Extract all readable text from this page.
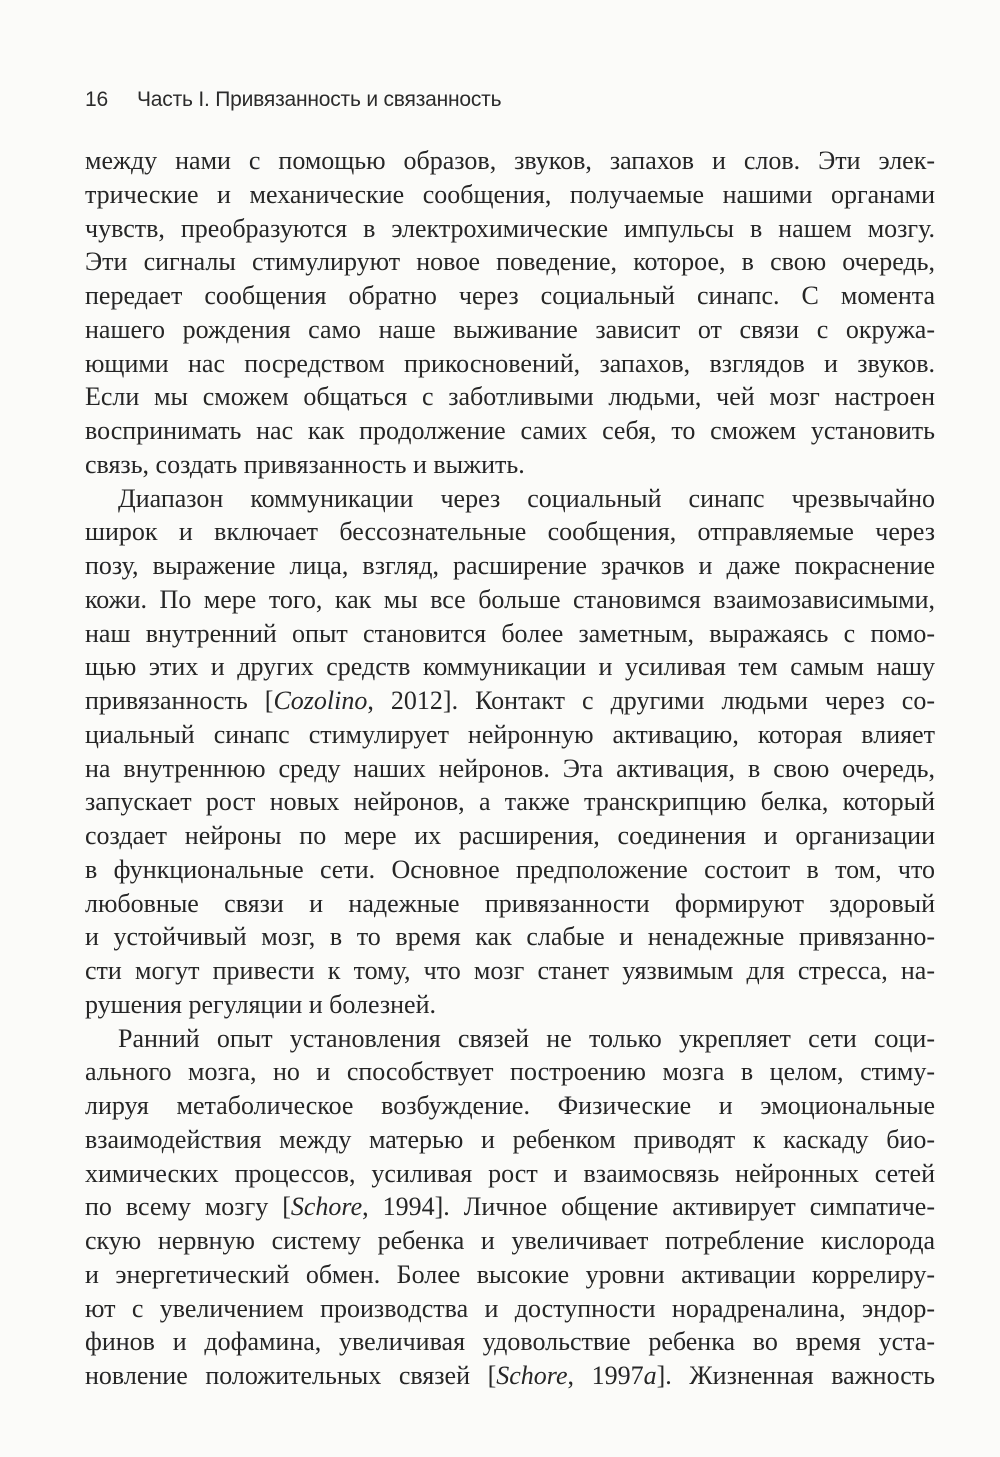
16 Часть I. Привязанность и связанность
между нами с помощью образов, звуков, запахов и слов. Эти элек-
трические и механические сообщения, получаемые нашими органами
чувств, преобразуются в электрохимические импульсы в нашем мозгу.
Эти сигналы стимулируют новое поведение, которое, в свою очередь,
передает сообщения обратно через социальный синапс. С момента
нашего рождения само наше выживание зависит от связи с окружа-
ющими нас посредством прикосновений, запахов, взглядов и звуков.
Если мы сможем общаться с заботливыми людьми, чей мозг настроен
воспринимать нас как продолжение самих себя, то сможем установить
связь, создать привязанность и выжить.
Диапазон коммуникации через социальный синапс чрезвычайно
широк и включает бессознательные сообщения, отправляемые через
позу, выражение лица, взгляд, расширение зрачков и даже покраснение
кожи. По мере того, как мы все больше становимся взаимозависимыми,
наш внутренний опыт становится более заметным, выражаясь с помо-
щью этих и других средств коммуникации и усиливая тем самым нашу
привязанность [Cozolino, 2012]. Контакт с другими людьми через со-
циальный синапс стимулирует нейронную активацию, которая влияет
на внутреннюю среду наших нейронов. Эта активация, в свою очередь,
запускает рост новых нейронов, а также транскрипцию белка, который
создает нейроны по мере их расширения, соединения и организации
в функциональные сети. Основное предположение состоит в том, что
любовные связи и надежные привязанности формируют здоровый
и устойчивый мозг, в то время как слабые и ненадежные привязанно-
сти могут привести к тому, что мозг станет уязвимым для стресса, на-
рушения регуляции и болезней.
Ранний опыт установления связей не только укрепляет сети соци-
ального мозга, но и способствует построению мозга в целом, стиму-
лируя метаболическое возбуждение. Физические и эмоциональные
взаимодействия между матерью и ребенком приводят к каскаду био-
химических процессов, усиливая рост и взаимосвязь нейронных сетей
по всему мозгу [Schore, 1994]. Личное общение активирует симпатиче-
скую нервную систему ребенка и увеличивает потребление кислорода
и энергетический обмен. Более высокие уровни активации коррелиру-
ют с увеличением производства и доступности норадреналина, эндор-
финов и дофамина, увеличивая удовольствие ребенка во время уста-
новление положительных связей [Schore, 1997a]. Жизненная важность
